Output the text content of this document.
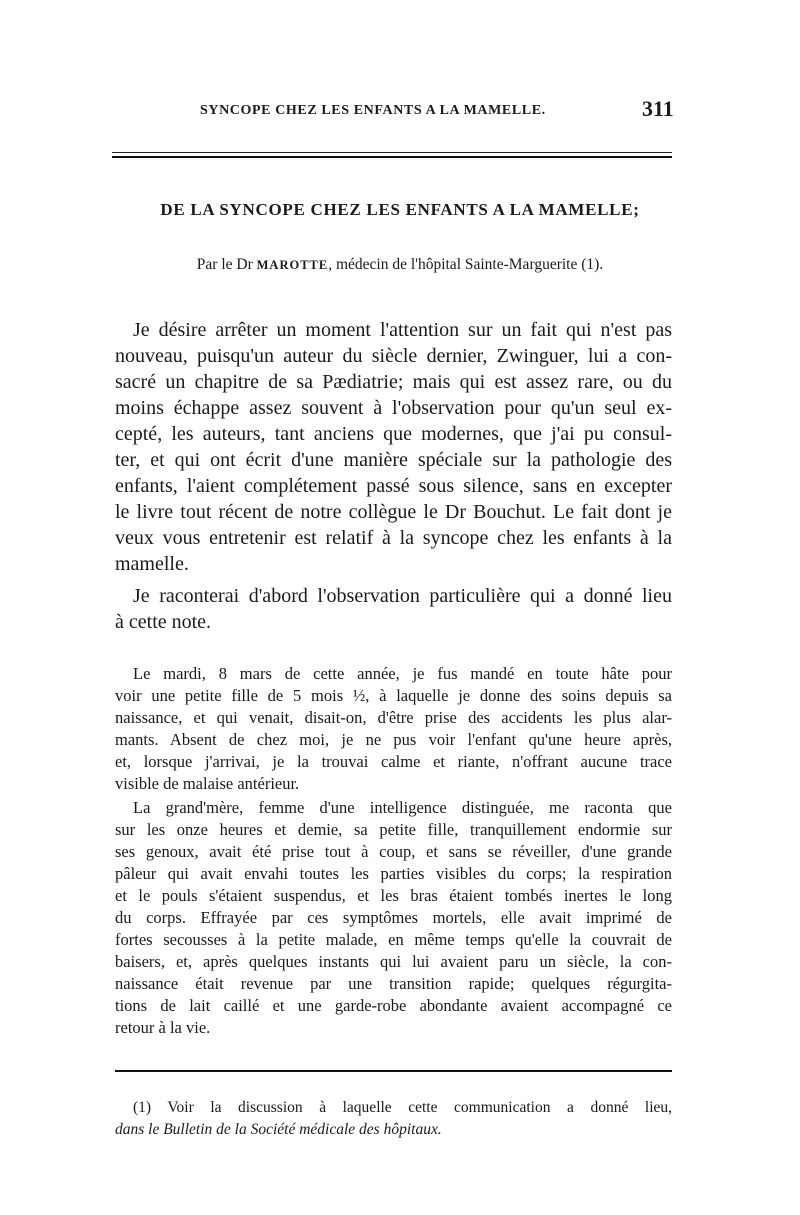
SYNCOPE CHEZ LES ENFANTS A LA MAMELLE.	311
DE LA SYNCOPE CHEZ LES ENFANTS A LA MAMELLE;
Par le Dr MAROTTE, médecin de l'hôpital Sainte-Marguerite (1).
Je désire arrêter un moment l'attention sur un fait qui n'est pas
nouveau, puisqu'un auteur du siècle dernier, Zwinguer, lui a con-
sacré un chapitre de sa Pædiatrie; mais qui est assez rare, ou du
moins échappe assez souvent à l'observation pour qu'un seul ex-
cepté, les auteurs, tant anciens que modernes, que j'ai pu consul-
ter, et qui ont écrit d'une manière spéciale sur la pathologie des
enfants, l'aient complétement passé sous silence, sans en excepter
le livre tout récent de notre collègue le Dr Bouchut. Le fait dont je
veux vous entretenir est relatif à la syncope chez les enfants à la
mamelle.
Je raconterai d'abord l'observation particulière qui a donné lieu
à cette note.
Le mardi, 8 mars de cette année, je fus mandé en toute hâte pour
voir une petite fille de 5 mois ½, à laquelle je donne des soins depuis sa
naissance, et qui venait, disait-on, d'être prise des accidents les plus alar-
mants. Absent de chez moi, je ne pus voir l'enfant qu'une heure après,
et, lorsque j'arrivai, je la trouvai calme et riante, n'offrant aucune trace
visible de malaise antérieur.
La grand'mère, femme d'une intelligence distinguée, me raconta que
sur les onze heures et demie, sa petite fille, tranquillement endormie sur
ses genoux, avait été prise tout à coup, et sans se réveiller, d'une grande
pâleur qui avait envahi toutes les parties visibles du corps; la respiration
et le pouls s'étaient suspendus, et les bras étaient tombés inertes le long
du corps. Effrayée par ces symptômes mortels, elle avait imprimé de
fortes secousses à la petite malade, en même temps qu'elle la couvrait de
baisers, et, après quelques instants qui lui avaient paru un siècle, la con-
naissance était revenue par une transition rapide; quelques régurgita-
tions de lait caillé et une garde-robe abondante avaient accompagné ce
retour à la vie.
(1) Voir la discussion à laquelle cette communication a donné lieu,
dans le Bulletin de la Société médicale des hôpitaux.
